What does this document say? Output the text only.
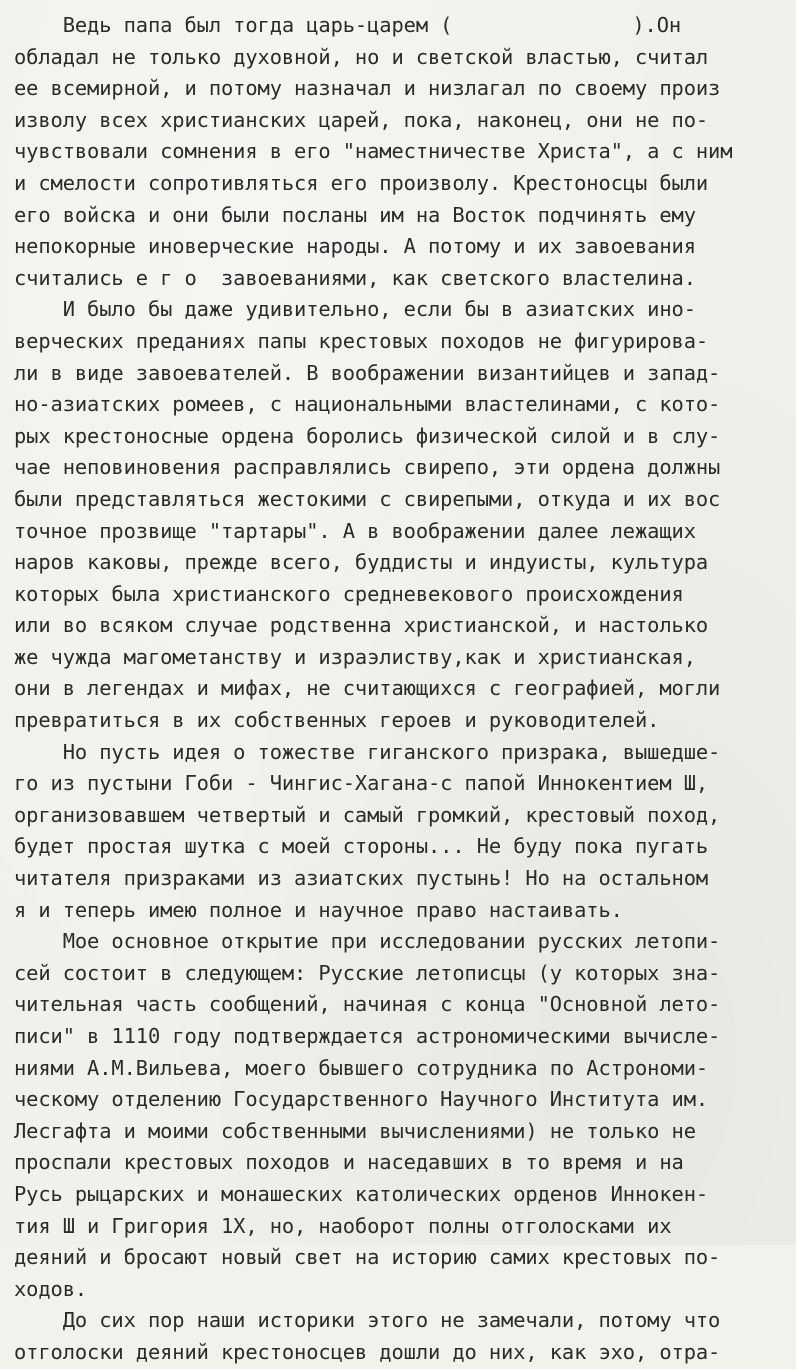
Ведь папа был тогда царь-царем (	).Он
обладал не только духовной, но и светской властью, считал
ее всемирной, и потому назначал и низлагал по своему произ
изволу всех христианских царей, пока, наконец, они не по-
чувствовали сомнения в его "наместничестве Христа", а с ним
и смелости сопротивляться его произволу. Крестоносцы были
его войска и они были посланы им на Восток подчинять ему
непокорные иноверческие народы. А потому и их завоевания
считались е г о  завоеваниями, как светского властелина.
И было бы даже удивительно, если бы в азиатских ино-
верческих преданиях папы крестовых походов не фигурирова-
ли в виде завоевателей. В воображении византийцев и запад-
но-азиатских ромеев, с национальными властелинами, с кото-
рых крестоносные ордена боролись физической силой и в слу-
чае неповиновения расправлялись свирепо, эти ордена должны
были представляться жестокими с свирепыми, откуда и их вос
точное прозвище "тартары". А в воображении далее лежащих
наров каковы, прежде всего, буддисты и индуисты, культура
которых была христианского средневекового происхождения
или во всяком случае родственна христианской, и настолько
же чужда магометанству и израэлиству,как и христианская,
они в легендах и мифах, не считающихся с географией, могли
превратиться в их собственных героев и руководителей.
Но пусть идея о тожестве гиганского призрака, вышедше-
го из пустыни Гоби - Чингис-Хагана-с папой Иннокентием Ш,
организовавшем четвертый и самый громкий, крестовый поход,
будет простая шутка с моей стороны... Не буду пока пугать
читателя призраками из азиатских пустынь! Но на остальном
я и теперь имею полное и научное право настаивать.
Мое основное открытие при исследовании русских летопи-
сей состоит в следующем: Русские летописцы (у которых зна-
чительная часть сообщений, начиная с конца "Основной лето-
писи" в 1110 году подтверждается астрономическими вычисле-
ниями А.М.Вильева, моего бывшего сотрудника по Астрономи-
ческому отделению Государственного Научного Института им.
Лесгафта и моими собственными вычислениями) не только не
проспали крестовых походов и наседавших в то время и на
Русь рыцарских и монашеских католических орденов Иннокен-
тия Ш и Григория 1Х, но, наоборот полны отголосками их
деяний и бросают новый свет на историю самих крестовых по-
ходов.
До сих пор наши историки этого не замечали, потому что
отголоски деяний крестоносцев дошли до них, как эхо, отра-
